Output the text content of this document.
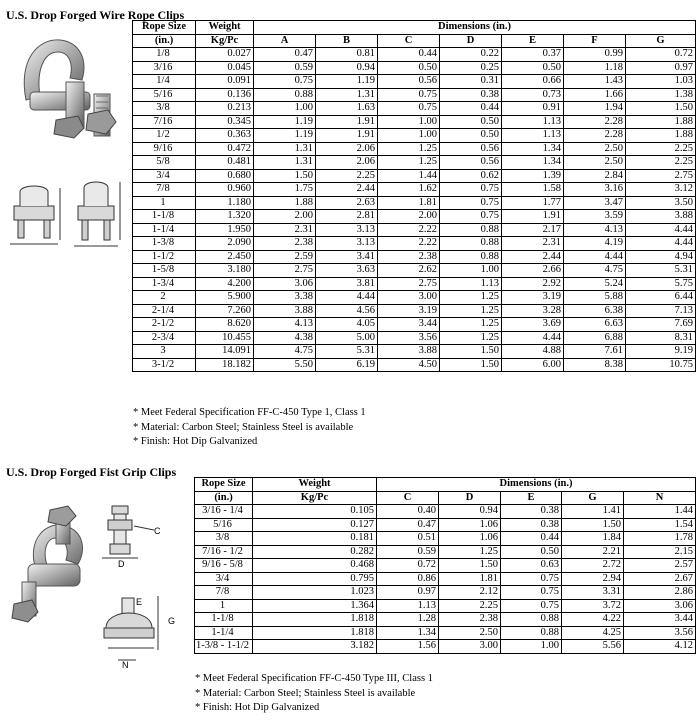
U.S. Drop Forged Wire Rope Clips
Rope Size	Weight	Dimensions (in.)						
(in.)	Kg/Pc	A	B	C	D	E	F	G
1/8	0.027	0.47	0.81	0.44	0.22	0.37	0.99	0.72
3/16	0.045	0.59	0.94	0.50	0.25	0.50	1.18	0.97
1/4	0.091	0.75	1.19	0.56	0.31	0.66	1.43	1.03
5/16	0.136	0.88	1.31	0.75	0.38	0.73	1.66	1.38
3/8	0.213	1.00	1.63	0.75	0.44	0.91	1.94	1.50
7/16	0.345	1.19	1.91	1.00	0.50	1.13	2.28	1.88
1/2	0.363	1.19	1.91	1.00	0.50	1.13	2.28	1.88
9/16	0.472	1.31	2.06	1.25	0.56	1.34	2.50	2.25
5/8	0.481	1.31	2.06	1.25	0.56	1.34	2.50	2.25
3/4	0.680	1.50	2.25	1.44	0.62	1.39	2.84	2.75
7/8	0.960	1.75	2.44	1.62	0.75	1.58	3.16	3.12
1	1.180	1.88	2.63	1.81	0.75	1.77	3.47	3.50
1-1/8	1.320	2.00	2.81	2.00	0.75	1.91	3.59	3.88
1-1/4	1.950	2.31	3.13	2.22	0.88	2.17	4.13	4.44
1-3/8	2.090	2.38	3.13	2.22	0.88	2.31	4.19	4.44
1-1/2	2.450	2.59	3.41	2.38	0.88	2.44	4.44	4.94
1-5/8	3.180	2.75	3.63	2.62	1.00	2.66	4.75	5.31
1-3/4	4.200	3.06	3.81	2.75	1.13	2.92	5.24	5.75
2	5.900	3.38	4.44	3.00	1.25	3.19	5.88	6.44
2-1/4	7.260	3.88	4.56	3.19	1.25	3.28	6.38	7.13
2-1/2	8.620	4.13	4.05	3.44	1.25	3.69	6.63	7.69
2-3/4	10.455	4.38	5.00	3.56	1.25	4.44	6.88	8.31
3	14.091	4.75	5.31	3.88	1.50	4.88	7.61	9.19
3-1/2	18.182	5.50	6.19	4.50	1.50	6.00	8.38	10.75
* Meet Federal Specification FF-C-450 Type 1, Class 1
* Material: Carbon Steel; Stainless Steel is available
* Finish: Hot Dip Galvanized
U.S. Drop Forged Fist Grip Clips
C
D
E
G
N
Rope Size	Weight	Dimensions (in.)				
(in.)	Kg/Pc	C	D	E	G	N
3/16 - 1/4	0.105	0.40	0.94	0.38	1.41	1.44
5/16	0.127	0.47	1.06	0.38	1.50	1.54
3/8	0.181	0.51	1.06	0.44	1.84	1.78
7/16 - 1/2	0.282	0.59	1.25	0.50	2.21	2.15
9/16 - 5/8	0.468	0.72	1.50	0.63	2.72	2.57
3/4	0.795	0.86	1.81	0.75	2.94	2.67
7/8	1.023	0.97	2.12	0.75	3.31	2.86
1	1.364	1.13	2.25	0.75	3.72	3.06
1-1/8	1.818	1.28	2.38	0.88	4.22	3.44
1-1/4	1.818	1.34	2.50	0.88	4.25	3.56
1-3/8 - 1-1/2	3.182	1.56	3.00	1.00	5.56	4.12
* Meet Federal Specification FF-C-450 Type III, Class 1
* Material: Carbon Steel; Stainless Steel is available
* Finish: Hot Dip Galvanized
